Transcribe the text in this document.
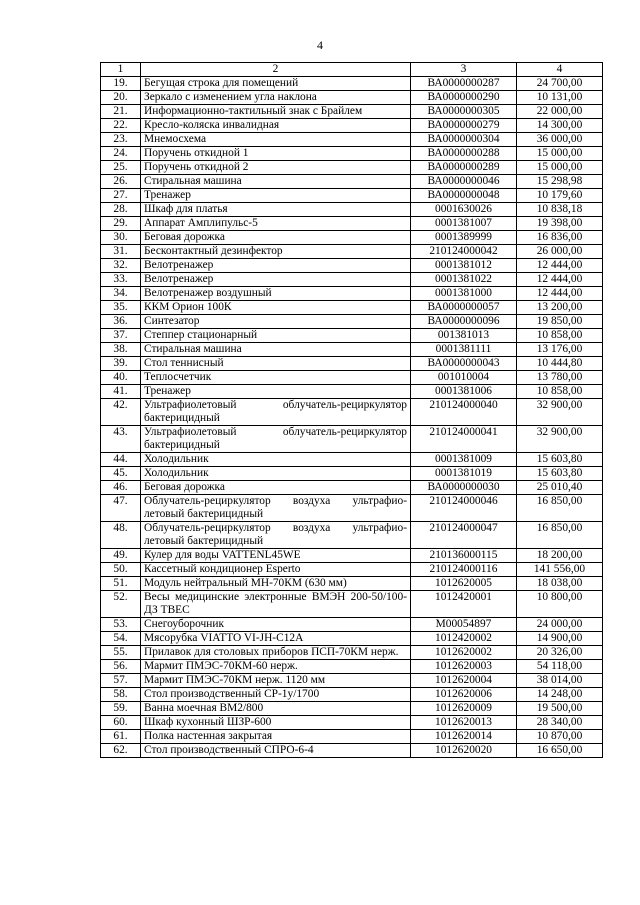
4
1	2	3	4
19.	Бегущая строка для помещений	ВА0000000287	24 700,00
20.	Зеркало с изменением угла наклона	ВА0000000290	10 131,00
21.	Информационно-тактильный знак с Брайлем	ВА0000000305	22 000,00
22.	Кресло-коляска инвалидная	ВА0000000279	14 300,00
23.	Мнемосхема	ВА0000000304	36 000,00
24.	Поручень откидной 1	ВА0000000288	15 000,00
25.	Поручень откидной 2	ВА0000000289	15 000,00
26.	Стиральная машина	ВА0000000046	15 298,98
27.	Тренажер	ВА0000000048	10 179,60
28.	Шкаф для платья	0001630026	10 838,18
29.	Аппарат Амплипульс-5	0001381007	19 398,00
30.	Беговая дорожка	0001389999	16 836,00
31.	Бесконтактный дезинфектор	210124000042	26 000,00
32.	Велотренажер	0001381012	12 444,00
33.	Велотренажер	0001381022	12 444,00
34.	Велотренажер воздушный	0001381000	12 444,00
35.	ККМ Орион 100К	ВА0000000057	13 200,00
36.	Синтезатор	ВА0000000096	19 850,00
37.	Степпер стационарный	001381013	10 858,00
38.	Стиральная машина	0001381111	13 176,00
39.	Стол теннисный	ВА0000000043	10 444,80
40.	Теплосчетчик	001010004	13 780,00
41.	Тренажер	0001381006	10 858,00
42.	Ультрафиолетовый облучатель-рециркулятор бактерицидный	210124000040	32 900,00
43.	Ультрафиолетовый облучатель-рециркулятор бактерицидный	210124000041	32 900,00
44.	Холодильник	0001381009	15 603,80
45.	Холодильник	0001381019	15 603,80
46.	Беговая дорожка	ВА0000000030	25 010,40
47.	Облучатель-рециркулятор воздуха ультрафио-летовый бактерицидный	210124000046	16 850,00
48.	Облучатель-рециркулятор воздуха ультрафио-летовый бактерицидный	210124000047	16 850,00
49.	Кулер для воды VATTENL45WE	210136000115	18 200,00
50.	Кассетный кондиционер Esperto	210124000116	141 556,00
51.	Модуль нейтральный МН-70КМ (630 мм)	1012620005	18 038,00
52.	Весы медицинские электронные ВМЭН 200-50/100-ДЗ ТВЕС	1012420001	10 800,00
53.	Снегоуборочник	М00054897	24 000,00
54.	Мясорубка VIATTO VI-JH-C12A	1012420002	14 900,00
55.	Прилавок для столовых приборов ПСП-70КМ нерж.	1012620002	20 326,00
56.	Мармит ПМЭС-70КМ-60 нерж.	1012620003	54 118,00
57.	Мармит ПМЭС-70КМ нерж. 1120 мм	1012620004	38 014,00
58.	Стол производственный СР-1у/1700	1012620006	14 248,00
59.	Ванна моечная ВМ2/800	1012620009	19 500,00
60.	Шкаф кухонный ШЗР-600	1012620013	28 340,00
61.	Полка настенная закрытая	1012620014	10 870,00
62.	Стол производственный СПРО-6-4	1012620020	16 650,00
